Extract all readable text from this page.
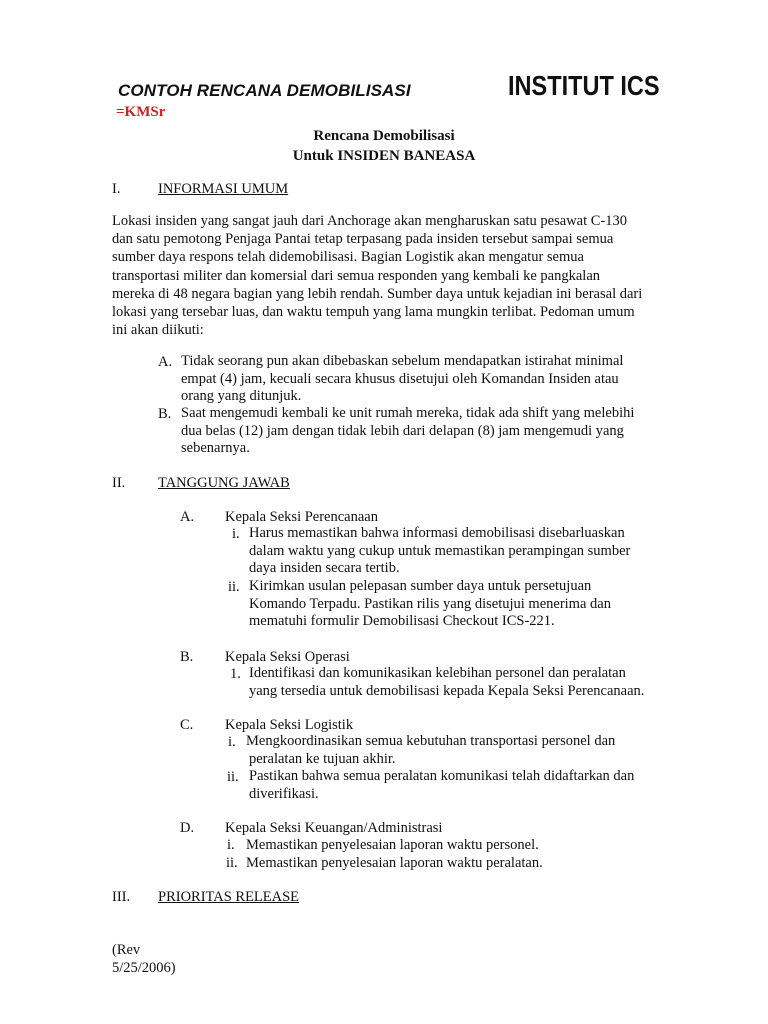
CONTOH RENCANA DEMOBILISASI	INSTITUT ICS
=KMSr
Rencana Demobilisasi
Untuk INSIDEN BANEASA
I.	INFORMASI UMUM
Lokasi insiden yang sangat jauh dari Anchorage akan mengharuskan satu pesawat C-130
dan satu pemotong Penjaga Pantai tetap terpasang pada insiden tersebut sampai semua
sumber daya respons telah didemobilisasi. Bagian Logistik akan mengatur semua
transportasi militer dan komersial dari semua responden yang kembali ke pangkalan
mereka di 48 negara bagian yang lebih rendah. Sumber daya untuk kejadian ini berasal dari
lokasi yang tersebar luas, dan waktu tempuh yang lama mungkin terlibat. Pedoman umum
ini akan diikuti:
A. Tidak seorang pun akan dibebaskan sebelum mendapatkan istirahat minimal
empat (4) jam, kecuali secara khusus disetujui oleh Komandan Insiden atau
orang yang ditunjuk.
B. Saat mengemudi kembali ke unit rumah mereka, tidak ada shift yang melebihi
dua belas (12) jam dengan tidak lebih dari delapan (8) jam mengemudi yang
sebenarnya.
II. TANGGUNG JAWAB
A. Kepala Seksi Perencanaan
i. Harus memastikan bahwa informasi demobilisasi disebarluaskan
dalam waktu yang cukup untuk memastikan perampingan sumber
daya insiden secara tertib.
ii. Kirimkan usulan pelepasan sumber daya untuk persetujuan
Komando Terpadu. Pastikan rilis yang disetujui menerima dan
mematuhi formulir Demobilisasi Checkout ICS-221.
B. Kepala Seksi Operasi
1. Identifikasi dan komunikasikan kelebihan personel dan peralatan
yang tersedia untuk demobilisasi kepada Kepala Seksi Perencanaan.
C. Kepala Seksi Logistik
i. Mengkoordinasikan semua kebutuhan transportasi personel dan
peralatan ke tujuan akhir.
ii. Pastikan bahwa semua peralatan komunikasi telah didaftarkan dan
diverifikasi.
D. Kepala Seksi Keuangan/Administrasi
i. Memastikan penyelesaian laporan waktu personel.
ii. Memastikan penyelesaian laporan waktu peralatan.
III. PRIORITAS RELEASE
(Rev
5/25/2006)
